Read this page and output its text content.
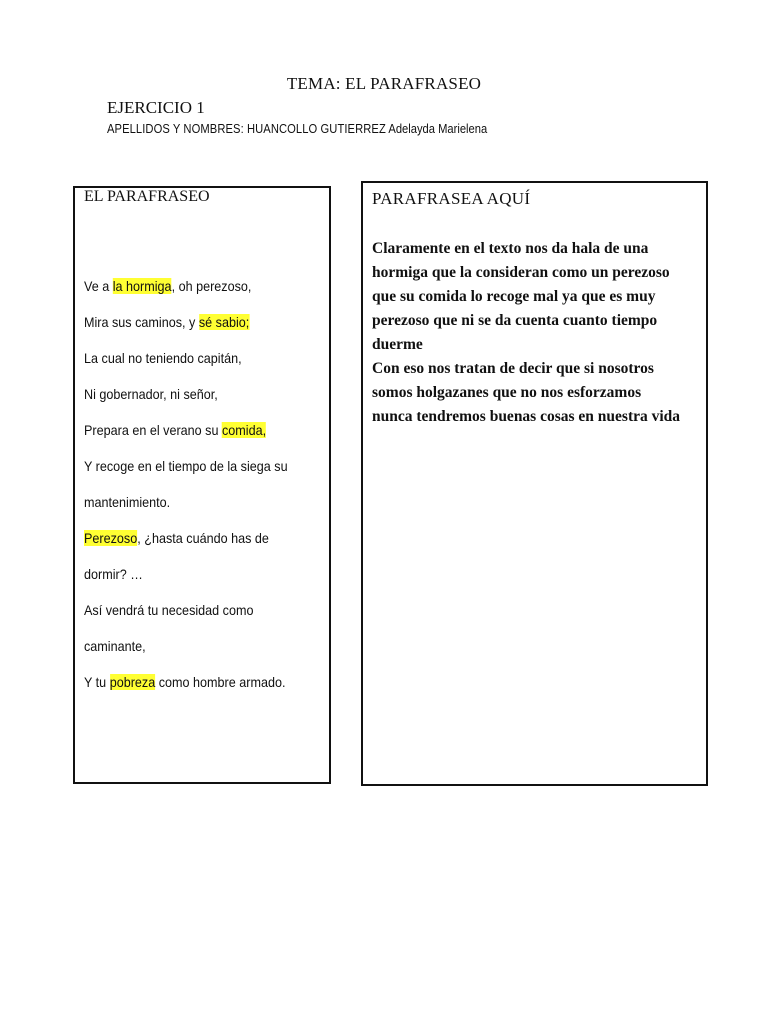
TEMA: EL PARAFRASEO
EJERCICIO 1
APELLIDOS Y NOMBRES: HUANCOLLO GUTIERREZ Adelayda Marielena
EL PARAFRASEO
Ve a la hormiga, oh perezoso,
Mira sus caminos, y sé sabio;
La cual no teniendo capitán,
Ni gobernador, ni señor,
Prepara en el verano su comida,
Y recoge en el tiempo de la siega su
mantenimiento.
Perezoso, ¿hasta cuándo has de
dormir? …
Así vendrá tu necesidad como
caminante,
Y tu pobreza como hombre armado.
PARAFRASEA AQUÍ
Claramente en el texto nos da hala de una
hormiga que la consideran como un perezoso
que su comida lo recoge mal ya que es muy
perezoso que ni se da cuenta cuanto tiempo
duerme
Con eso nos tratan de decir que si nosotros
somos holgazanes que no nos esforzamos
nunca tendremos buenas cosas en nuestra vida
